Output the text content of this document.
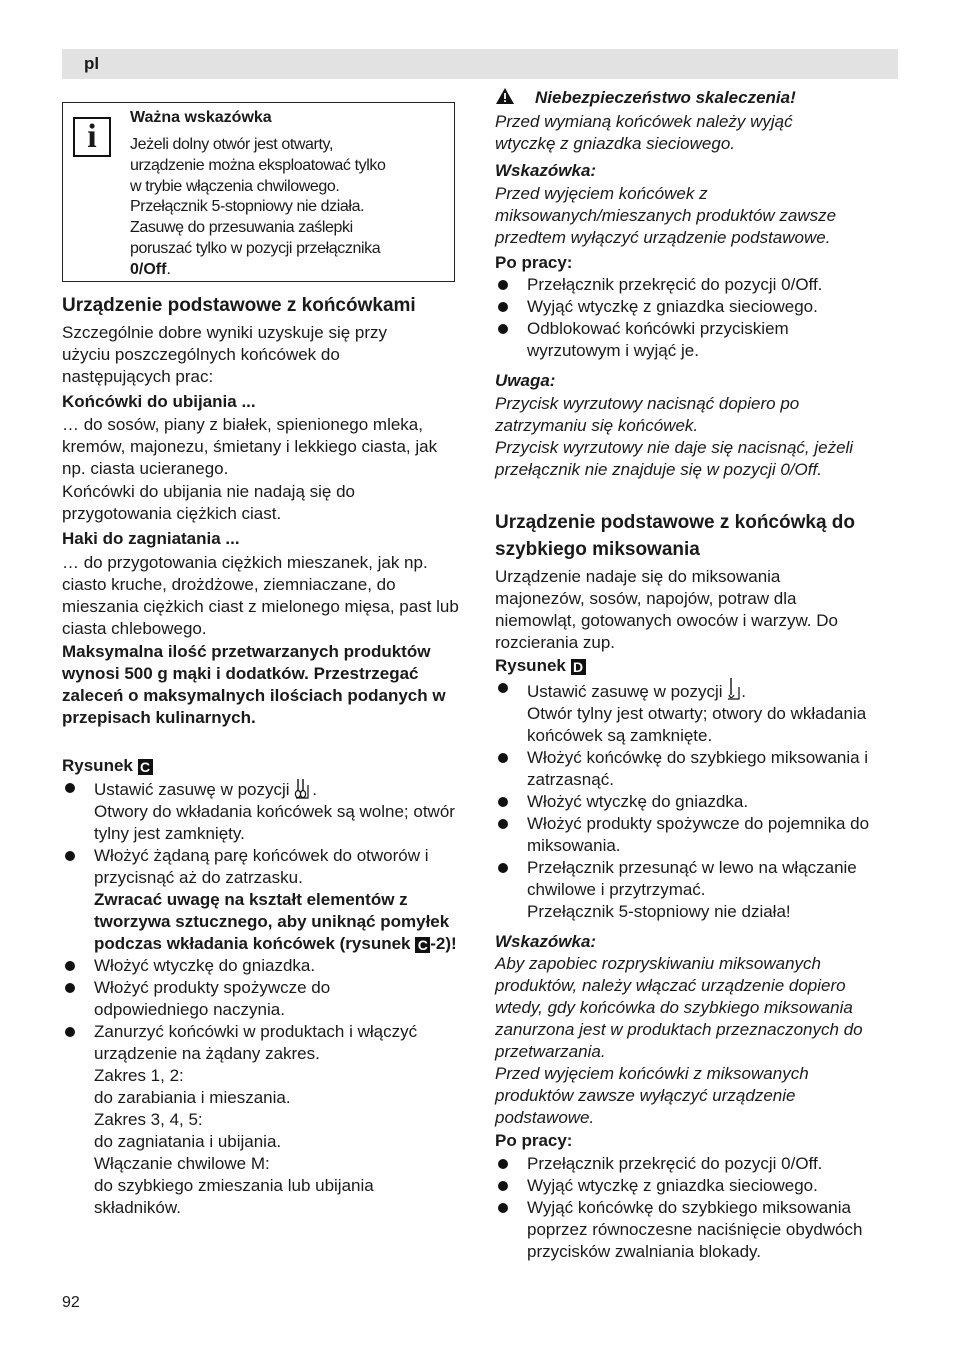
pl
i
Ważna wskazówka
Jeżeli dolny otwór jest otwarty,
urządzenie można eksploatować tylko
w trybie włączenia chwilowego.
Przełącznik 5-stopniowy nie działa.
Zasuwę do przesuwania zaślepki
poruszać tylko w pozycji przełącznika
0/Off.
Urządzenie podstawowe z końcówkami

Szczególnie dobre wyniki uzyskuje się przy użyciu poszczególnych końcówek do następujących prac:

Końcówki do ubijania ...

… do sosów, piany z białek, spienionego mleka, kremów, majonezu, śmietany i lekkiego ciasta, jak np. ciasta ucieranego.

Końcówki do ubijania nie nadają się do przygotowania ciężkich ciast.

Haki do zagniatania ...

… do przygotowania ciężkich mieszanek, jak np. ciasto kruche, drożdżowe, ziemniaczane, do mieszania ciężkich ciast z mielonego mięsa, past lub ciasta chlebowego.

Maksymalna ilość przetwarzanych produktów wynosi 500 g mąki i dodatków. Przestrzegać zaleceń o maksymalnych ilościach podanych w przepisach kulinarnych.

Rysunek C

Ustawić zasuwę w pozycji .
Otwory do wkładania końcówek są wolne; otwór tylny jest zamknięty.
Włożyć żądaną parę końcówek do otworów i przycisnąć aż do zatrzasku.
Zwracać uwagę na kształt elementów z tworzywa sztucznego, aby uniknąć pomyłek podczas wkładania końcówek (rysunek C -2)!
Włożyć wtyczkę do gniazdka.
Włożyć produkty spożywcze do odpowiedniego naczynia.
Zanurzyć końcówki w produktach i włączyć urządzenie na żądany zakres.
Zakres 1, 2:
do zarabiania i mieszania.
Zakres 3, 4, 5:
do zagniatania i ubijania.
Włączanie chwilowe M:
do szybkiego zmieszania lub ubijania składników.

Niebezpieczeństwo skaleczenia!

Przed wymianą końcówek należy wyjąć wtyczkę z gniazdka sieciowego.

Wskazówka:

Przed wyjęciem końcówek z miksowanych/mieszanych produktów zawsze przedtem wyłączyć urządzenie podstawowe.

Po pracy:

Przełącznik przekręcić do pozycji 0/Off.
Wyjąć wtyczkę z gniazdka sieciowego.
Odblokować końcówki przyciskiem wyrzutowym i wyjąć je.

Uwaga:

Przycisk wyrzutowy nacisnąć dopiero po zatrzymaniu się końcówek.

Przycisk wyrzutowy nie daje się nacisnąć, jeżeli przełącznik nie znajduje się w pozycji 0/Off.

Urządzenie podstawowe z końcówką do szybkiego miksowania

Urządzenie nadaje się do miksowania majonezów, sosów, napojów, potraw dla niemowląt, gotowanych owoców i warzyw. Do rozcierania zup.

Rysunek D

Ustawić zasuwę w pozycji .
Otwór tylny jest otwarty; otwory do wkładania końcówek są zamknięte.
Włożyć końcówkę do szybkiego miksowania i zatrzasnąć.
Włożyć wtyczkę do gniazdka.
Włożyć produkty spożywcze do pojemnika do miksowania.
Przełącznik przesunąć w lewo na włączanie chwilowe i przytrzymać.
Przełącznik 5-stopniowy nie działa!

Wskazówka:

Aby zapobiec rozpryskiwaniu miksowanych produktów, należy włączać urządzenie dopiero wtedy, gdy końcówka do szybkiego miksowania zanurzona jest w produktach przeznaczonych do przetwarzania.

Przed wyjęciem końcówki z miksowanych produktów zawsze wyłączyć urządzenie podstawowe.

Po pracy:

Przełącznik przekręcić do pozycji 0/Off.
Wyjąć wtyczkę z gniazdka sieciowego.
Wyjąć końcówkę do szybkiego miksowania poprzez równoczesne naciśnięcie obydwóch przycisków zwalniania blokady.
92
